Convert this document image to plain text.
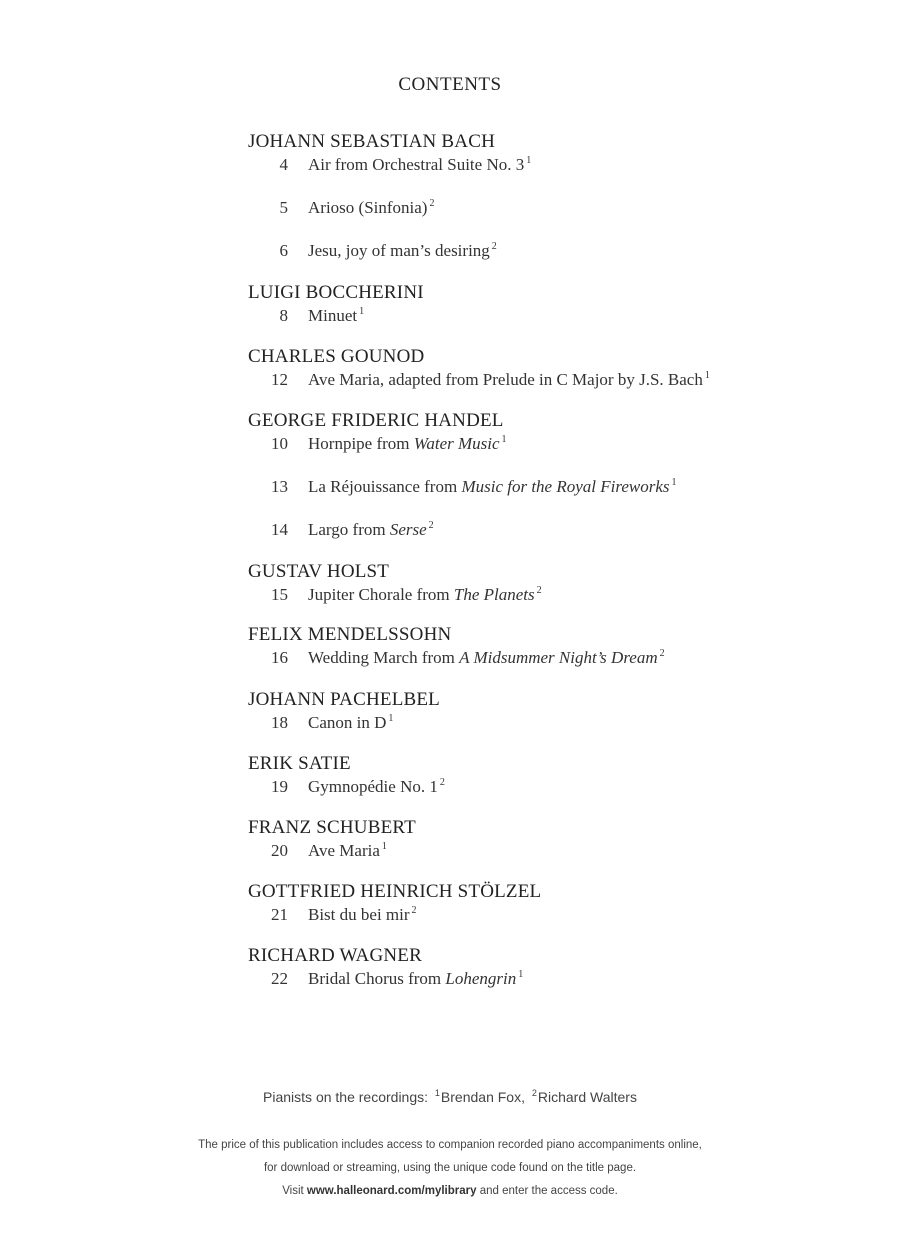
CONTENTS
JOHANN SEBASTIAN BACH
4 Air from Orchestral Suite No. 3 $^1$
5 Arioso (Sinfonia) $^2$
6 Jesu, joy of man’s desiring $^2$
LUIGI BOCCHERINI
8 Minuet $^1$
CHARLES GOUNOD
12 Ave Maria, adapted from Prelude in C Major by J.S. Bach $^1$
GEORGE FRIDERIC HANDEL
10 Hornpipe from Water Music $^1$
13 La Réjouissance from Music for the Royal Fireworks $^1$
14 Largo from Serse $^2$
GUSTAV HOLST
15 Jupiter Chorale from The Planets $^2$
FELIX MENDELSSOHN
16 Wedding March from A Midsummer Night’s Dream $^2$
JOHANN PACHELBEL
18 Canon in D $^1$
ERIK SATIE
19 Gymnopédie No. 1 $^2$
FRANZ SCHUBERT
20 Ave Maria $^1$
GOTTFRIED HEINRICH STÖLZEL
21 Bist du bei mir $^2$
RICHARD WAGNER
22 Bridal Chorus from Lohengrin $^1$
Pianists on the recordings: $^1$Brendan Fox, $^2$Richard Walters
The price of this publication includes access to companion recorded piano accompaniments online,
for download or streaming, using the unique code found on the title page.
Visit www.halleonard.com/mylibrary and enter the access code.
